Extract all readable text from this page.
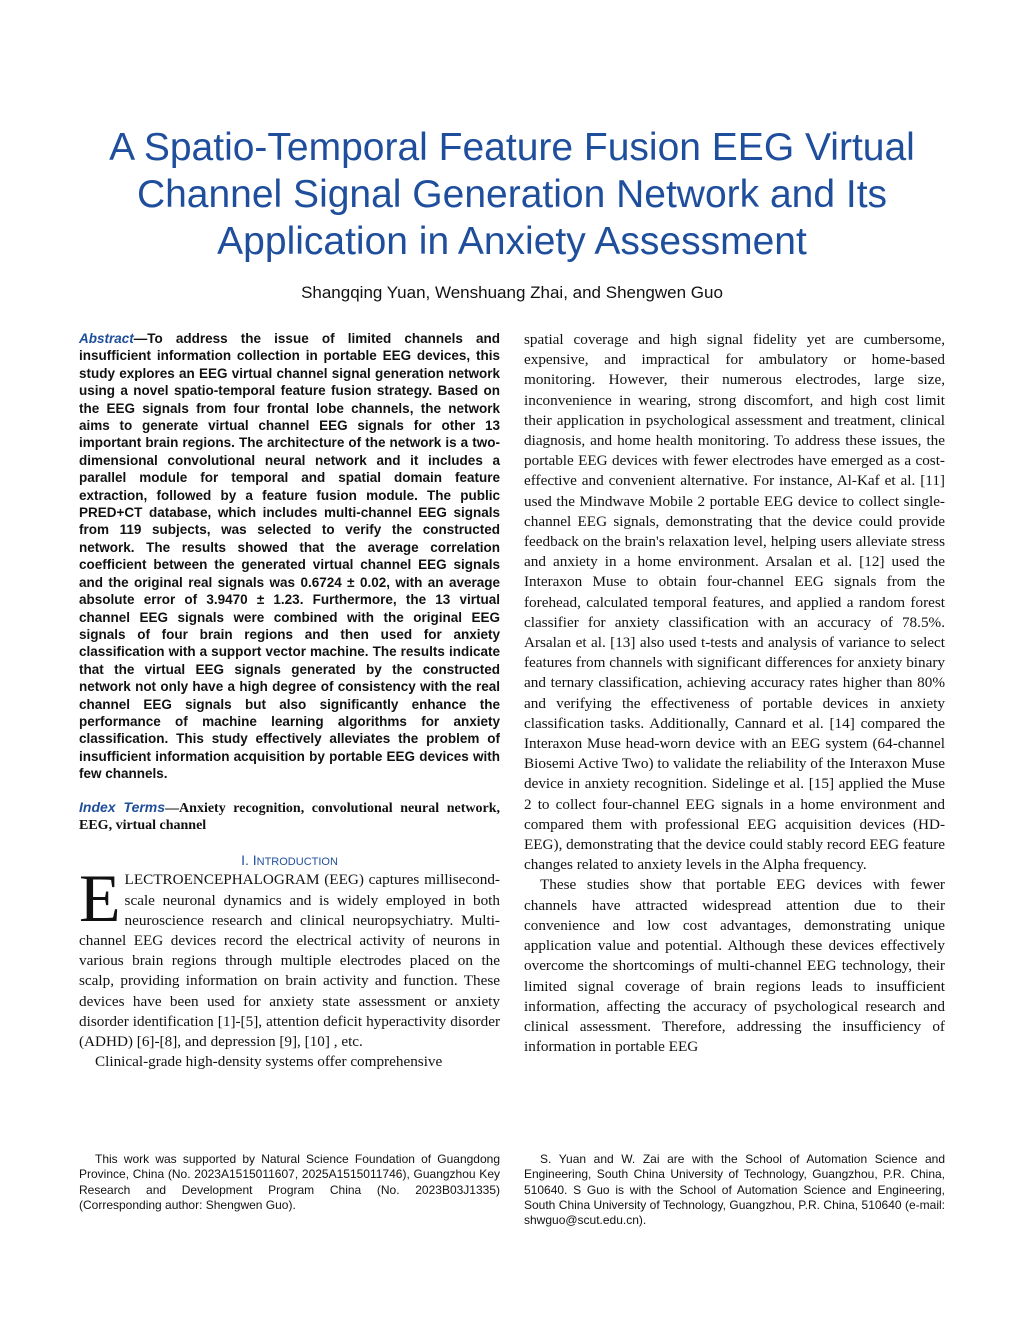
A Spatio-Temporal Feature Fusion EEG Virtual
Channel Signal Generation Network and Its
Application in Anxiety Assessment
Shangqing Yuan, Wenshuang Zhai, and Shengwen Guo

Abstract—To address the issue of limited channels and insufficient information collection in portable EEG devices, this study explores an EEG virtual channel signal generation network using a novel spatio-temporal feature fusion strategy. Based on the EEG signals from four frontal lobe channels, the network aims to generate virtual channel EEG signals for other 13 important brain regions. The architecture of the network is a two-dimensional convolutional neural network and it includes a parallel module for temporal and spatial domain feature extraction, followed by a feature fusion module. The public PRED+CT database, which includes multi-channel EEG signals from 119 subjects, was selected to verify the constructed network. The results showed that the average correlation coefficient between the generated virtual channel EEG signals and the original real signals was 0.6724 ± 0.02, with an average absolute error of 3.9470 ± 1.23. Furthermore, the 13 virtual channel EEG signals were combined with the original EEG signals of four brain regions and then used for anxiety classification with a support vector machine. The results indicate that the virtual EEG signals generated by the constructed network not only have a high degree of consistency with the real channel EEG signals but also significantly enhance the performance of machine learning algorithms for anxiety classification. This study effectively alleviates the problem of insufficient information acquisition by portable EEG devices with few channels.

Index Terms—Anxiety recognition, convolutional neural network, EEG, virtual channel

I. INTRODUCTION

ELECTROENCEPHALOGRAM (EEG) captures millisecond-scale neuronal dynamics and is widely employed in both neuroscience research and clinical neuropsychiatry. Multi-channel EEG devices record the electrical activity of neurons in various brain regions through multiple electrodes placed on the scalp, providing information on brain activity and function. These devices have been used for anxiety state assessment or anxiety disorder identification [1]-[5], attention deficit hyperactivity disorder (ADHD) [6]-[8], and depression [9], [10] , etc.

Clinical-grade high-density systems offer comprehensive

spatial coverage and high signal fidelity yet are cumbersome, expensive, and impractical for ambulatory or home-based monitoring. However, their numerous electrodes, large size, inconvenience in wearing, strong discomfort, and high cost limit their application in psychological assessment and treatment, clinical diagnosis, and home health monitoring. To address these issues, the portable EEG devices with fewer electrodes have emerged as a cost-effective and convenient alternative. For instance, Al-Kaf et al. [11] used the Mindwave Mobile 2 portable EEG device to collect single-channel EEG signals, demonstrating that the device could provide feedback on the brain's relaxation level, helping users alleviate stress and anxiety in a home environment. Arsalan et al. [12] used the Interaxon Muse to obtain four-channel EEG signals from the forehead, calculated temporal features, and applied a random forest classifier for anxiety classification with an accuracy of 78.5%. Arsalan et al. [13] also used t-tests and analysis of variance to select features from channels with significant differences for anxiety binary and ternary classification, achieving accuracy rates higher than 80% and verifying the effectiveness of portable devices in anxiety classification tasks. Additionally, Cannard et al. [14] compared the Interaxon Muse head-worn device with an EEG system (64-channel Biosemi Active Two) to validate the reliability of the Interaxon Muse device in anxiety recognition. Sidelinge et al. [15] applied the Muse 2 to collect four-channel EEG signals in a home environment and compared them with professional EEG acquisition devices (HD-EEG), demonstrating that the device could stably record EEG feature changes related to anxiety levels in the Alpha frequency.

These studies show that portable EEG devices with fewer channels have attracted widespread attention due to their convenience and low cost advantages, demonstrating unique application value and potential. Although these devices effectively overcome the shortcomings of multi-channel EEG technology, their limited signal coverage of brain regions leads to insufficient information, affecting the accuracy of psychological research and clinical assessment. Therefore, addressing the insufficiency of information in portable EEG

This work was supported by Natural Science Foundation of Guangdong Province, China (No. 2023A1515011607, 2025A1515011746), Guangzhou Key Research and Development Program China (No. 2023B03J1335) (Corresponding author: Shengwen Guo).

S. Yuan and W. Zai are with the School of Automation Science and Engineering, South China University of Technology, Guangzhou, P.R. China, 510640. S Guo is with the School of Automation Science and Engineering, South China University of Technology, Guangzhou, P.R. China, 510640 (e-mail: shwguo@scut.edu.cn).
